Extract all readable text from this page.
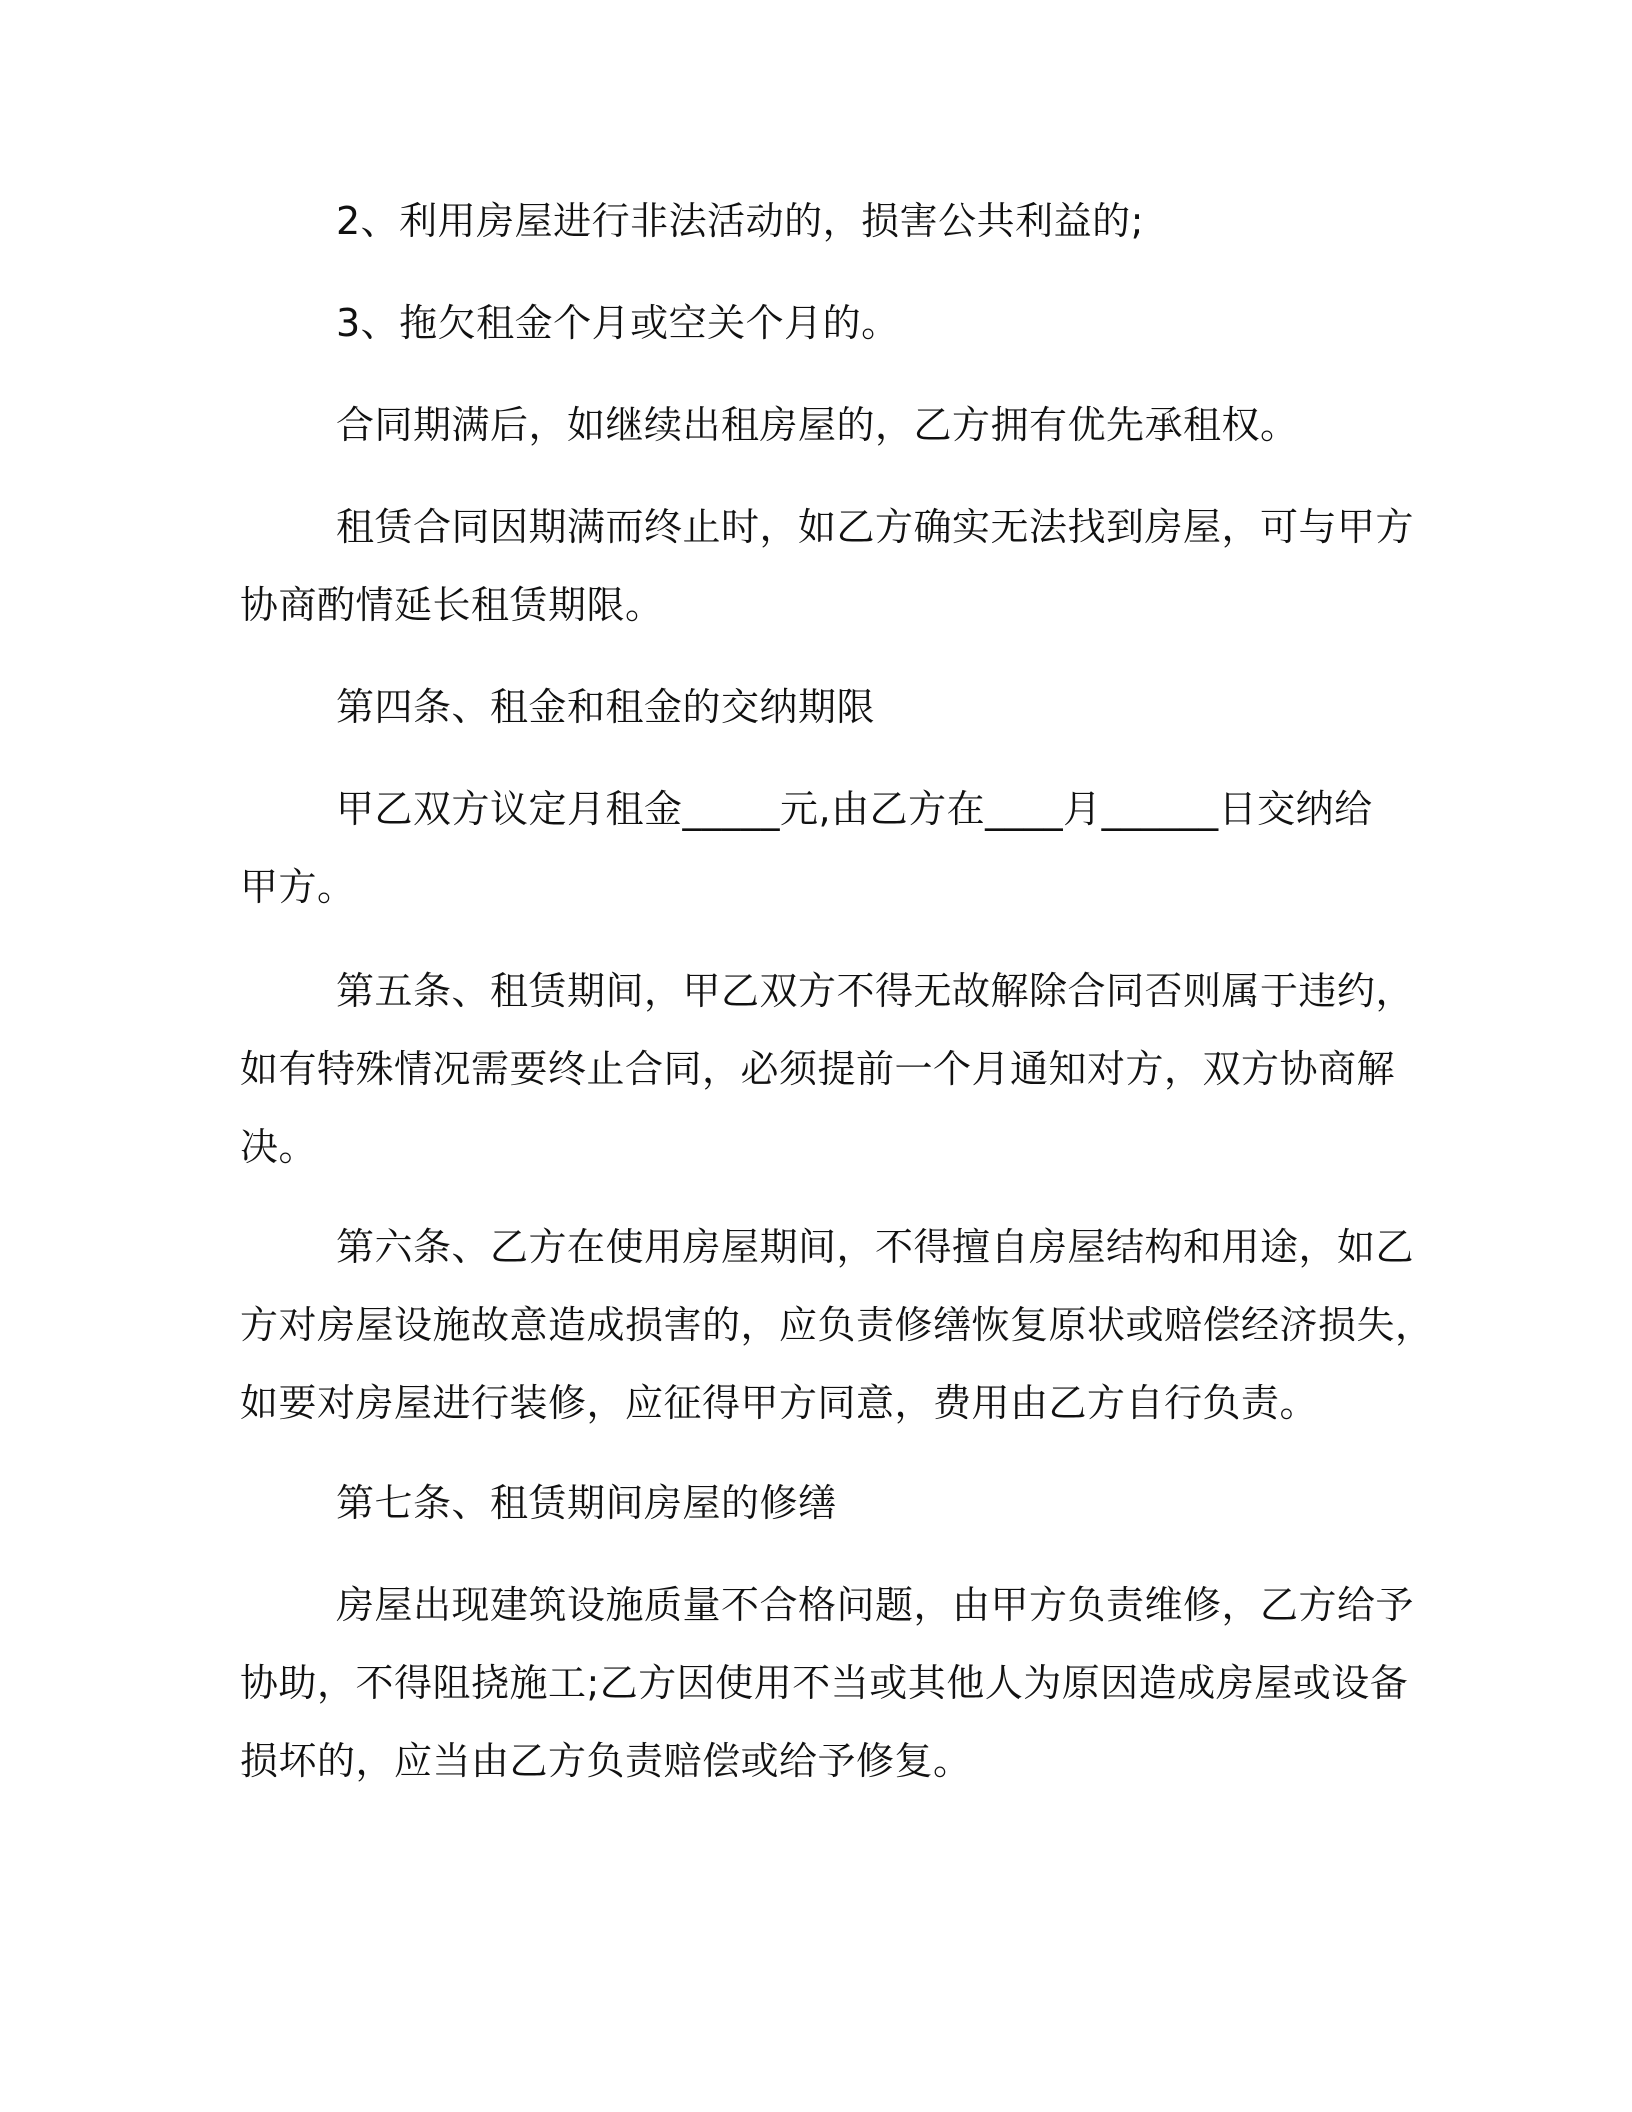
2、利用房屋进行非法活动的，损害公共利益的;
3、拖欠租金个月或空关个月的。
合同期满后，如继续出租房屋的，乙方拥有优先承租权。
租赁合同因期满而终止时，如乙方确实无法找到房屋，可与甲方
协商酌情延长租赁期限。
第四条、租金和租金的交纳期限
甲乙双方议定月租金_____元,由乙方在____月______日交纳给
甲方。
第五条、租赁期间，甲乙双方不得无故解除合同否则属于违约，
如有特殊情况需要终止合同，必须提前一个月通知对方，双方协商解
决。
第六条、乙方在使用房屋期间，不得擅自房屋结构和用途，如乙
方对房屋设施故意造成损害的，应负责修缮恢复原状或赔偿经济损失，
如要对房屋进行装修，应征得甲方同意，费用由乙方自行负责。
第七条、租赁期间房屋的修缮
房屋出现建筑设施质量不合格问题，由甲方负责维修，乙方给予
协助，不得阻挠施工;乙方因使用不当或其他人为原因造成房屋或设备
损坏的，应当由乙方负责赔偿或给予修复。
